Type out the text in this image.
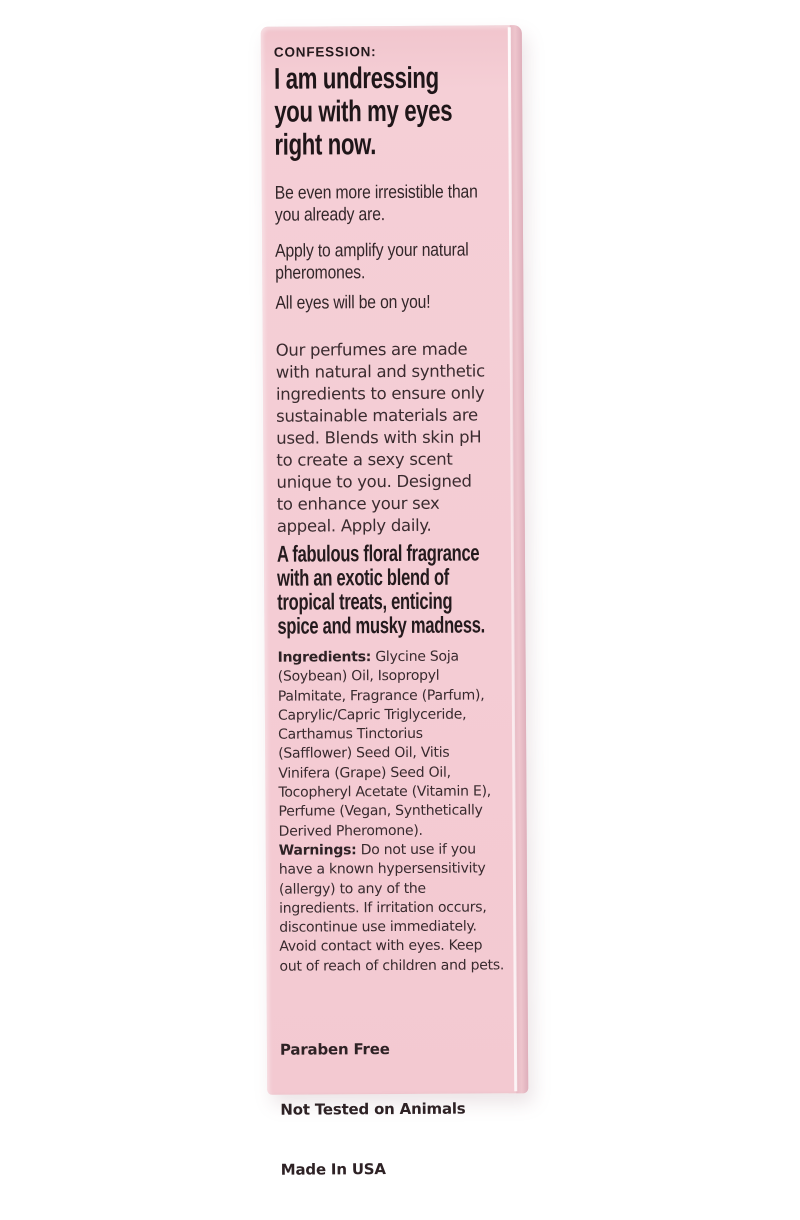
CONFESSION:
I am undressing
you with my eyes
right now.

Be even more irresistible than
you already are.

Apply to amplify your natural
pheromones.

All eyes will be on you!

Our perfumes are made
with natural and synthetic
ingredients to ensure only
sustainable materials are
used. Blends with skin pH
to create a sexy scent
unique to you. Designed
to enhance your sex
appeal. Apply daily.

A fabulous floral fragrance
with an exotic blend of
tropical treats, enticing
spice and musky madness.

Ingredients: Glycine Soja
(Soybean) Oil, Isopropyl
Palmitate, Fragrance (Parfum),
Caprylic/Capric Triglyceride,
Carthamus Tinctorius
(Safflower) Seed Oil, Vitis
Vinifera (Grape) Seed Oil,
Tocopheryl Acetate (Vitamin E),
Perfume (Vegan, Synthetically
Derived Pheromone).

Warnings: Do not use if you
have a known hypersensitivity
(allergy) to any of the
ingredients. If irritation occurs,
discontinue use immediately.
Avoid contact with eyes. Keep
out of reach of children and pets.

Paraben Free

Not Tested on Animals

Made In USA
